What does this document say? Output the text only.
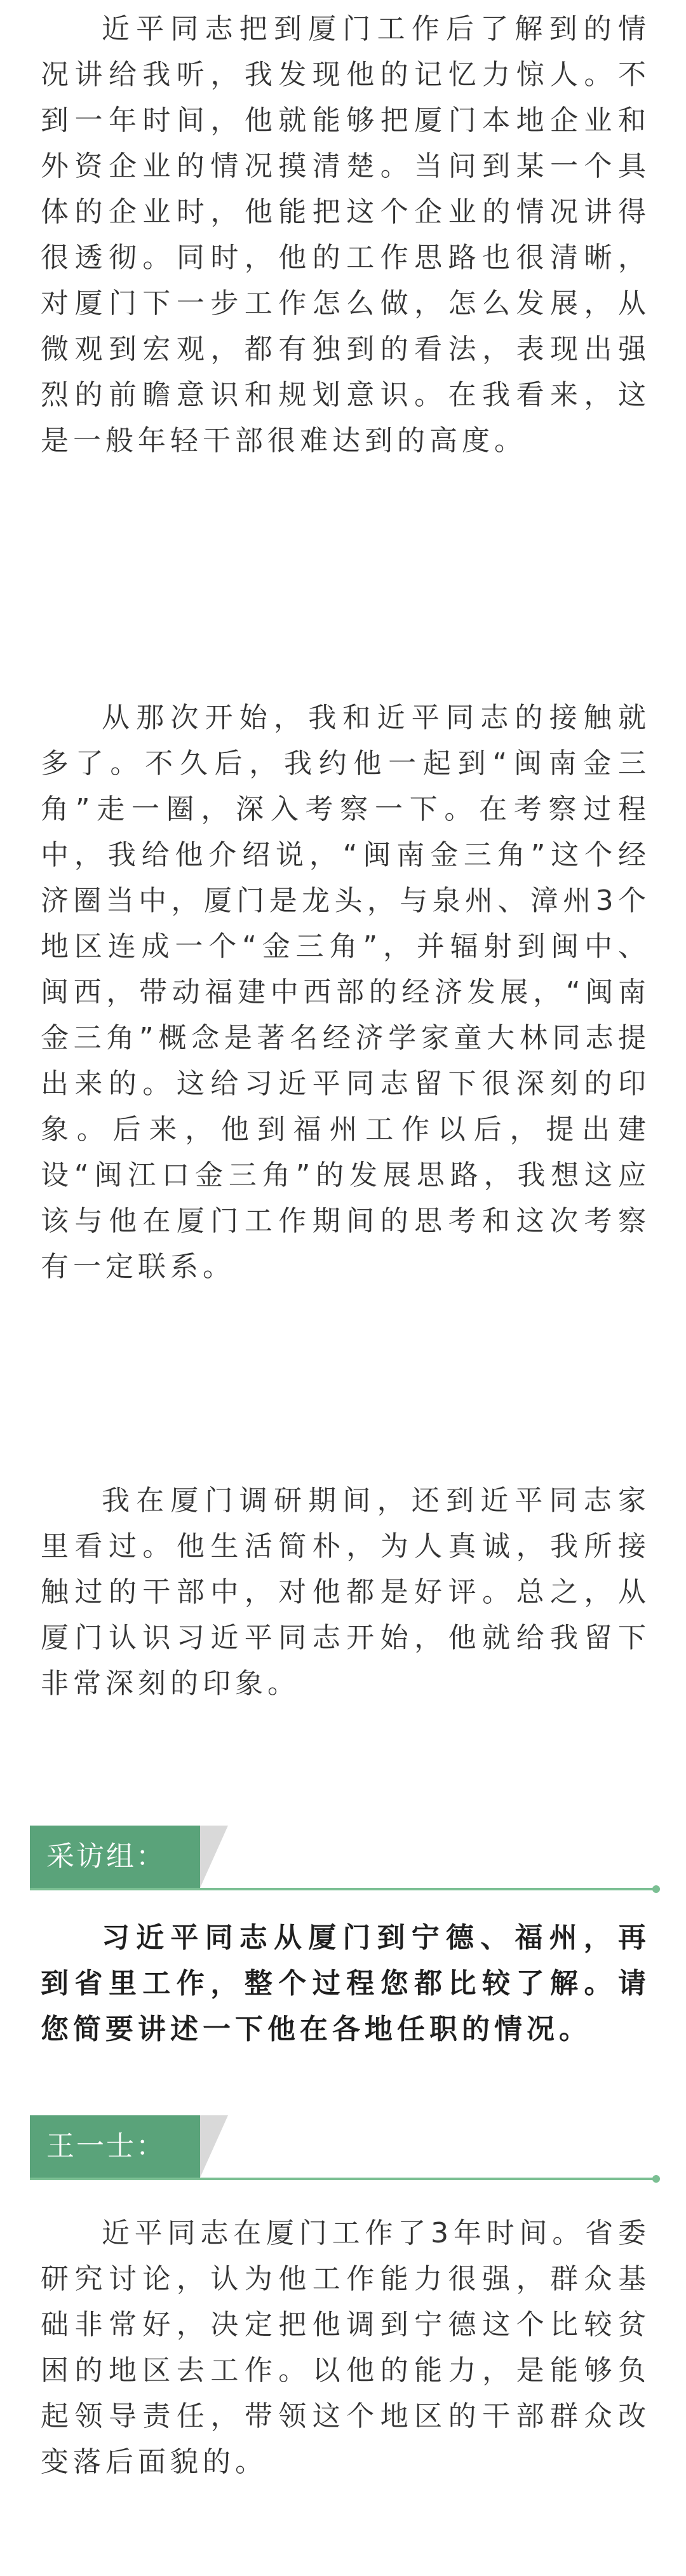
近平同志把到厦门工作后了解到的情况讲给我听，我发现他的记忆力惊人。不到一年时间，他就能够把厦门本地企业和外资企业的情况摸清楚。当问到某一个具体的企业时，他能把这个企业的情况讲得很透彻。同时，他的工作思路也很清晰，对厦门下一步工作怎么做，怎么发展，从微观到宏观，都有独到的看法，表现出强烈的前瞻意识和规划意识。在我看来，这是一般年轻干部很难达到的高度。

从那次开始，我和近平同志的接触就多了。不久后，我约他一起到“闽南金三角”走一圈，深入考察一下。在考察过程中，我给他介绍说，“闽南金三角”这个经济圈当中，厦门是龙头，与泉州、漳州3个地区连成一个“金三角”，并辐射到闽中、闽西，带动福建中西部的经济发展，“闽南金三角”概念是著名经济学家童大林同志提出来的。这给习近平同志留下很深刻的印象。后来，他到福州工作以后，提出建设“闽江口金三角”的发展思路，我想这应该与他在厦门工作期间的思考和这次考察有一定联系。

我在厦门调研期间，还到近平同志家里看过。他生活简朴，为人真诚，我所接触过的干部中，对他都是好评。总之，从厦门认识习近平同志开始，他就给我留下非常深刻的印象。

采访组：

习近平同志从厦门到宁德、福州，再到省里工作，整个过程您都比较了解。请您简要讲述一下他在各地任职的情况。

王一士：

近平同志在厦门工作了3年时间。省委研究讨论，认为他工作能力很强，群众基础非常好，决定把他调到宁德这个比较贫困的地区去工作。以他的能力，是能够负起领导责任，带领这个地区的干部群众改变落后面貌的。
